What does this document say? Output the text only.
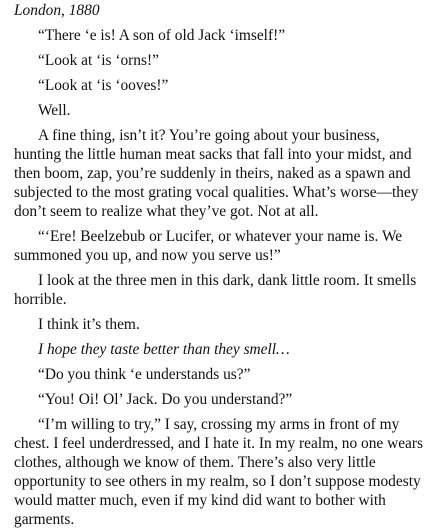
London, 1880

“There ‘e is! A son of old Jack ‘imself!”

“Look at ‘is ‘orns!”

“Look at ‘is ‘ooves!”

Well.

A fine thing, isn’t it? You’re going about your business, hunting the little human meat sacks that fall into your midst, and then boom, zap, you’re suddenly in theirs, naked as a spawn and subjected to the most grating vocal qualities. What’s worse—they don’t seem to realize what they’ve got. Not at all.

“‘Ere! Beelzebub or Lucifer, or whatever your name is. We summoned you up, and now you serve us!”

I look at the three men in this dark, dank little room. It smells horrible.

I think it’s them.

I hope they taste better than they smell…

“Do you think ‘e understands us?”

“You! Oi! Ol’ Jack. Do you understand?”

“I’m willing to try,” I say, crossing my arms in front of my chest. I feel underdressed, and I hate it. In my realm, no one wears clothes, although we know of them. There’s also very little opportunity to see others in my realm, so I don’t suppose modesty would matter much, even if my kind did want to bother with garments.
